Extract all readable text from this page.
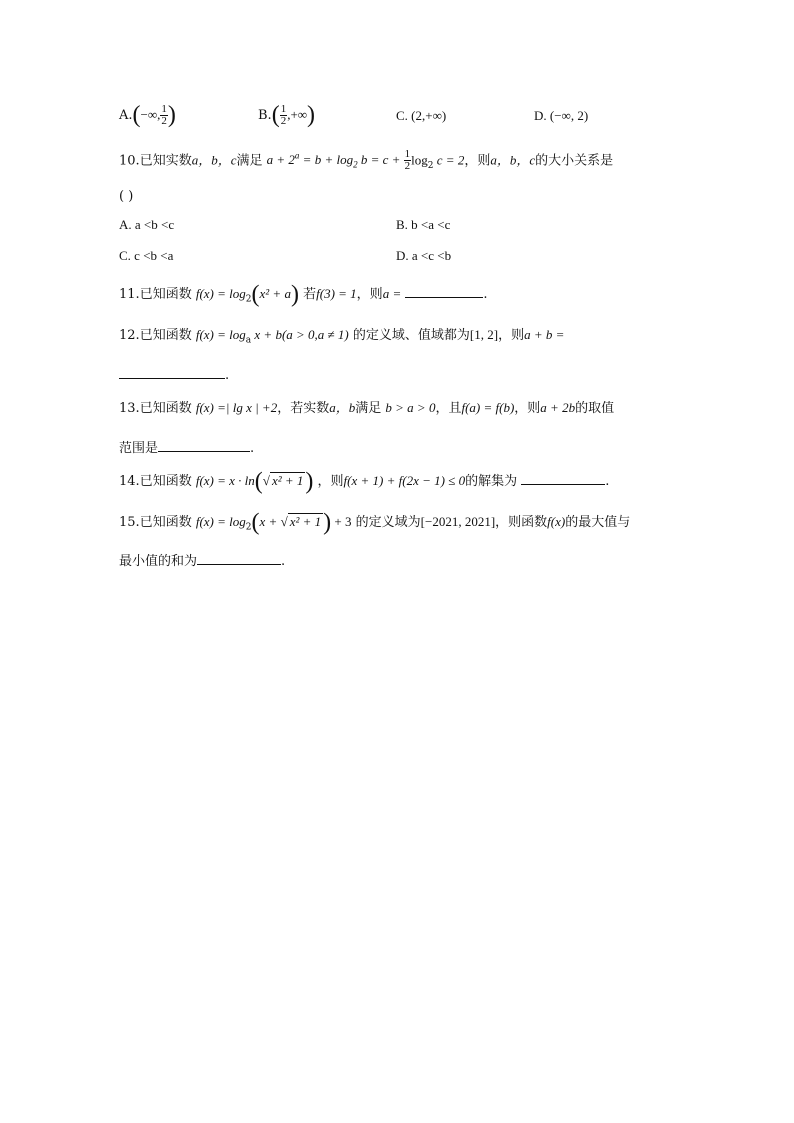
A.(−∞, $\frac{1}{2}$ )	$B.( \frac{1}{2}$ ,+∞)	C. (2,+∞)	D. (−∞, 2)
10.已知实数a，b，c满足 $a + 2^a = b + \log_2 b = c + \frac{1}{2} \log_2 c = 2$，则a，b，c的大小关系是
( )
A. a <b <c	B. b <a <c
C. c <b <a	D. a <c <b
11.已知函数 $f(x) = \log_2(x^2 + a)$ 若f(3) = 1，则a =	.
12.已知函数 $f(x) = \log_a x + b(a > 0,a \ne 1)$ 的定义域、值域都为[1, 2]，则a + b =
.
13.已知函数 f(x) =| lg x | +2，若实数a，b满足 b > a > 0，且f(a) = f(b)，则a + 2b的取值
范围是	.
14.已知函数 f(x) = x · ln(√ x² + 1) ，则f(x + 1) + f(2x − 1) ≤ 0的解集为	.
15.已知函数 $f(x) = \log_2(x$ + √ x² + 1) + 3 的定义域为[−2021, 2021]，则函数f(x)的最大值与
最小值的和为	.
